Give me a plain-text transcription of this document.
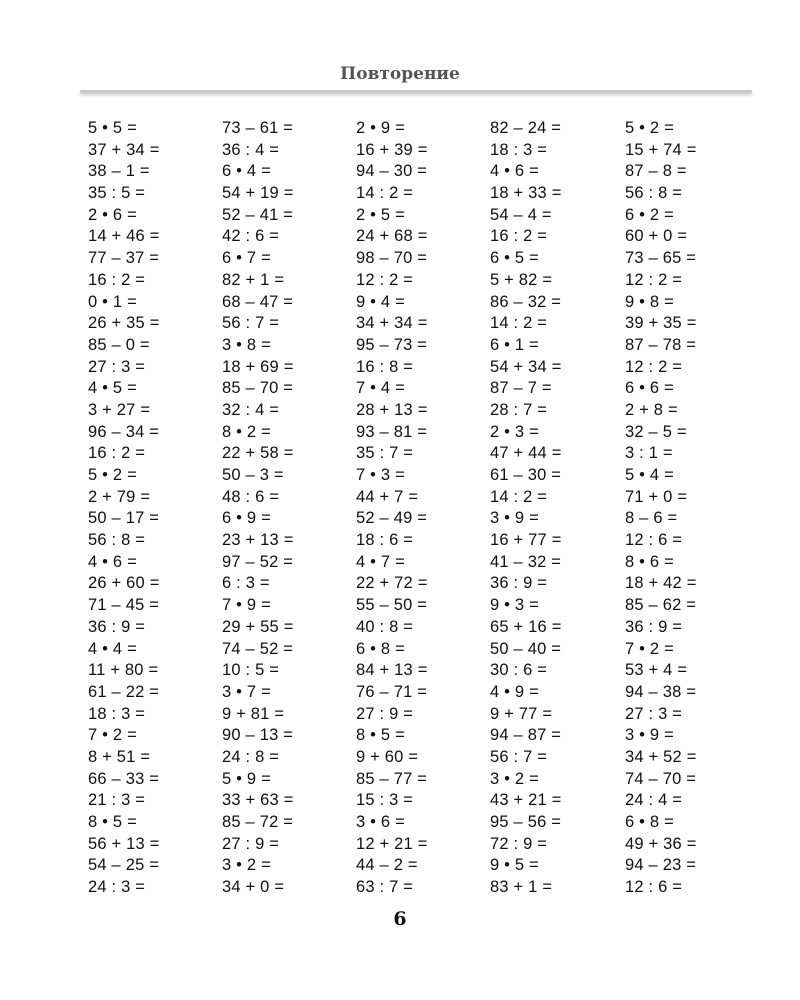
Повторение
5 • 5 =
37 + 34 =
38 – 1 =
35 : 5 =
2 • 6 =
14 + 46 =
77 – 37 =
16 : 2 =
0 • 1 =
26 + 35 =
85 – 0 =
27 : 3 =
4 • 5 =
3 + 27 =
96 – 34 =
16 : 2 =
5 • 2 =
2 + 79 =
50 – 17 =
56 : 8 =
4 • 6 =
26 + 60 =
71 – 45 =
36 : 9 =
4 • 4 =
11 + 80 =
61 – 22 =
18 : 3 =
7 • 2 =
8 + 51 =
66 – 33 =
21 : 3 =
8 • 5 =
56 + 13 =
54 – 25 =
24 : 3 =
73 – 61 =
36 : 4 =
6 • 4 =
54 + 19 =
52 – 41 =
42 : 6 =
6 • 7 =
82 + 1 =
68 – 47 =
56 : 7 =
3 • 8 =
18 + 69 =
85 – 70 =
32 : 4 =
8 • 2 =
22 + 58 =
50 – 3 =
48 : 6 =
6 • 9 =
23 + 13 =
97 – 52 =
6 : 3 =
7 • 9 =
29 + 55 =
74 – 52 =
10 : 5 =
3 • 7 =
9 + 81 =
90 – 13 =
24 : 8 =
5 • 9 =
33 + 63 =
85 – 72 =
27 : 9 =
3 • 2 =
34 + 0 =
2 • 9 =
16 + 39 =
94 – 30 =
14 : 2 =
2 • 5 =
24 + 68 =
98 – 70 =
12 : 2 =
9 • 4 =
34 + 34 =
95 – 73 =
16 : 8 =
7 • 4 =
28 + 13 =
93 – 81 =
35 : 7 =
7 • 3 =
44 + 7 =
52 – 49 =
18 : 6 =
4 • 7 =
22 + 72 =
55 – 50 =
40 : 8 =
6 • 8 =
84 + 13 =
76 – 71 =
27 : 9 =
8 • 5 =
9 + 60 =
85 – 77 =
15 : 3 =
3 • 6 =
12 + 21 =
44 – 2 =
63 : 7 =
82 – 24 =
18 : 3 =
4 • 6 =
18 + 33 =
54 – 4 =
16 : 2 =
6 • 5 =
5 + 82 =
86 – 32 =
14 : 2 =
6 • 1 =
54 + 34 =
87 – 7 =
28 : 7 =
2 • 3 =
47 + 44 =
61 – 30 =
14 : 2 =
3 • 9 =
16 + 77 =
41 – 32 =
36 : 9 =
9 • 3 =
65 + 16 =
50 – 40 =
30 : 6 =
4 • 9 =
9 + 77 =
94 – 87 =
56 : 7 =
3 • 2 =
43 + 21 =
95 – 56 =
72 : 9 =
9 • 5 =
83 + 1 =
5 • 2 =
15 + 74 =
87 – 8 =
56 : 8 =
6 • 2 =
60 + 0 =
73 – 65 =
12 : 2 =
9 • 8 =
39 + 35 =
87 – 78 =
12 : 2 =
6 • 6 =
2 + 8 =
32 – 5 =
3 : 1 =
5 • 4 =
71 + 0 =
8 – 6 =
12 : 6 =
8 • 6 =
18 + 42 =
85 – 62 =
36 : 9 =
7 • 2 =
53 + 4 =
94 – 38 =
27 : 3 =
3 • 9 =
34 + 52 =
74 – 70 =
24 : 4 =
6 • 8 =
49 + 36 =
94 – 23 =
12 : 6 =
6
